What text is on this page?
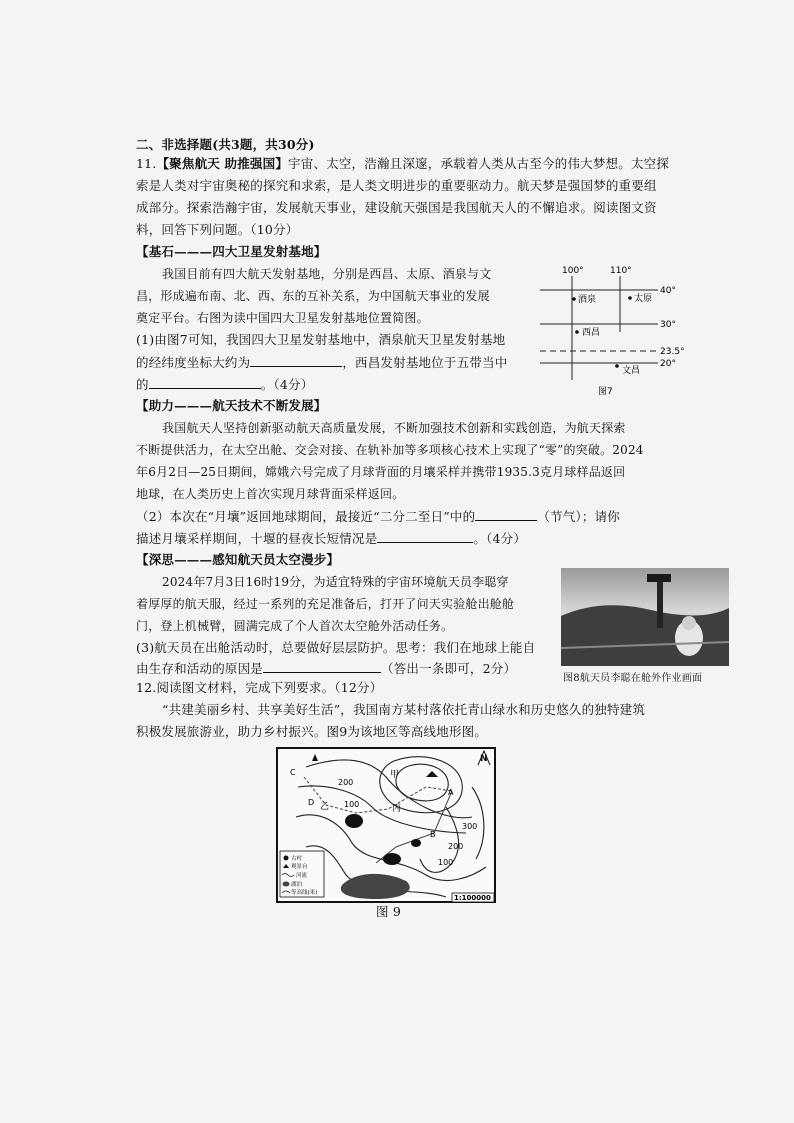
二、非选择题(共3题，共30分)
11.【聚焦航天 助推强国】宇宙、太空，浩瀚且深邃，承载着人类从古至今的伟大梦想。太空探
索是人类对宇宙奥秘的探究和求索，是人类文明进步的重要驱动力。航天梦是强国梦的重要组
成部分。探索浩瀚宇宙，发展航天事业，建设航天强国是我国航天人的不懈追求。阅读图文资
料，回答下列问题。（10分）
【基石———四大卫星发射基地】
我国目前有四大航天发射基地，分别是西昌、太原、酒泉与文
昌，形成遍布南、北、西、东的互补关系，为中国航天事业的发展
奠定平台。右图为读中国四大卫星发射基地位置简图。
(1)由图7可知，我国四大卫星发射基地中，酒泉航天卫星发射基地
的经纬度坐标大约为	，西昌发射基地位于五带当中
的	。（4分）
100°	110°
40°
30°
23.5°
20°
酒泉	太原
西昌
文昌
图7
【助力———航天技术不断发展】
我国航天人坚持创新驱动航天高质量发展，不断加强技术创新和实践创造，为航天探索
不断提供活力，在太空出舱、交会对接、在轨补加等多项核心技术上实现了“零”的突破。2024
年6月2日—25日期间，嫦娥六号完成了月球背面的月壤采样并携带1935.3克月球样品返回
地球，在人类历史上首次实现月球背面采样返回。
（2）本次在“月壤”返回地球期间，最接近“二分二至日”中的	（节气）；请你
描述月壤采样期间，十堰的昼夜长短情况是	。（4分）
【深思———感知航天员太空漫步】
2024年7月3日16时19分，为适宜特殊的宇宙环境航天员李聪穿
着厚厚的航天服，经过一系列的充足准备后，打开了问天实验舱出舱舱
门，登上机械臂，圆满完成了个人首次太空舱外活动任务。
(3)航天员在出舱活动时，总要做好层层防护。思考：我们在地球上能自
由生存和活动的原因是	（答出一条即可，2分）
图8航天员李聪在舱外作业画面
12.阅读图文材料，完成下列要求。（12分）
“共建美丽乡村、共享美好生活”，我国南方某村落依托青山绿水和历史悠久的独特建筑
积极发展旅游业，助力乡村振兴。图9为该地区等高线地形图。
N
200
100
300
200
100
甲
乙	丙
A
B
C
D
古村
观景台
河流
湖泊
等高线(米)
1:100000
图 9
